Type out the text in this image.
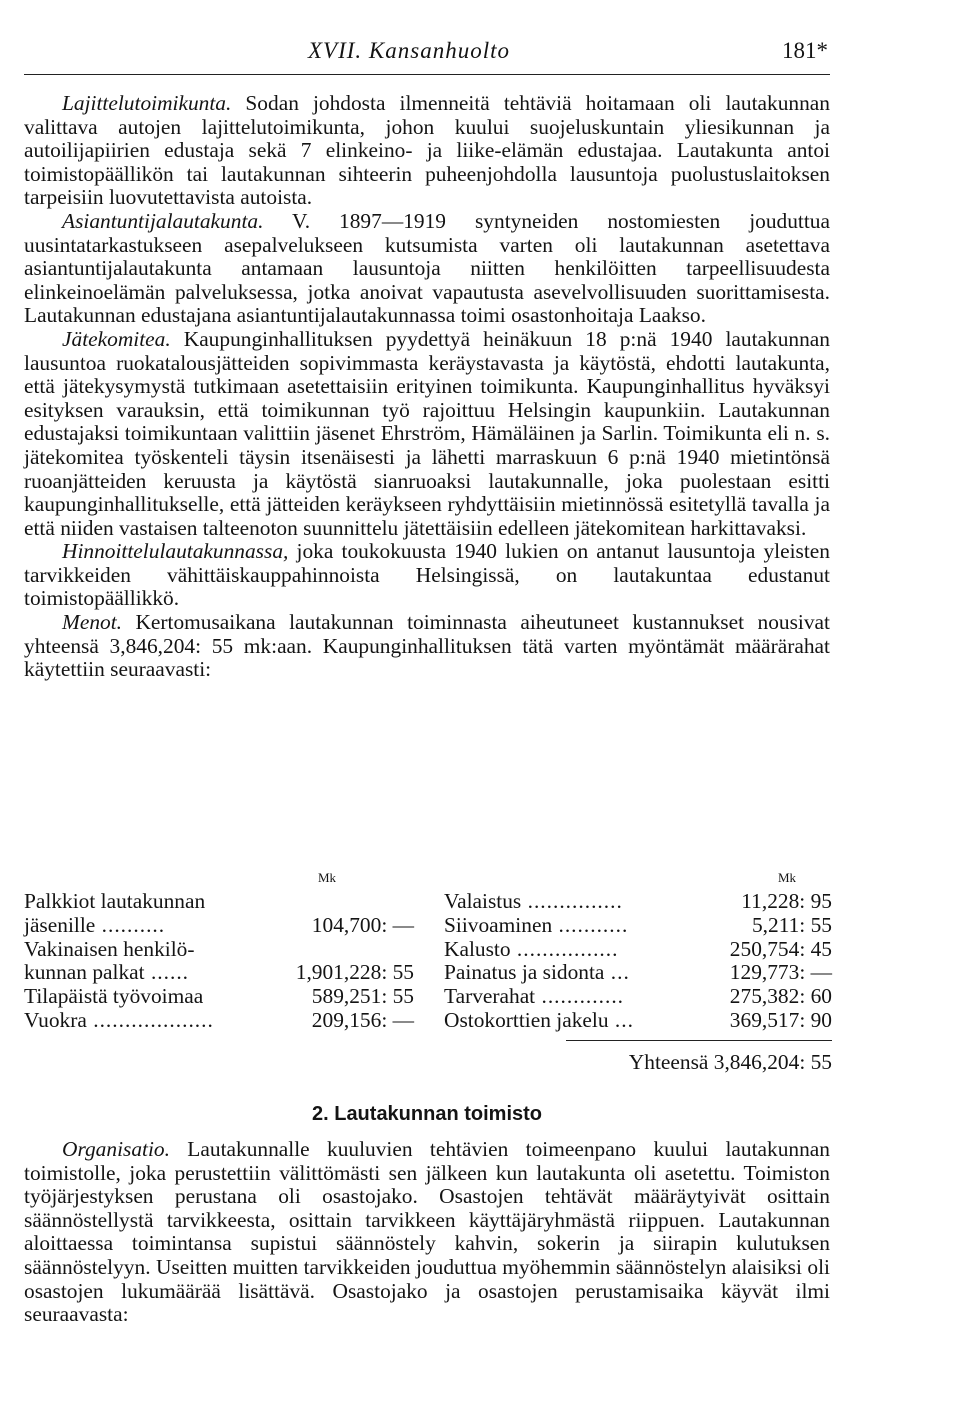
XVII. Kansanhuolto	181*

Lajittelutoimikunta. Sodan johdosta ilmenneitä tehtäviä hoitamaan oli lautakunnan valittava autojen lajittelutoimikunta, johon kuului suojeluskuntain yliesikunnan ja autoilijapiirien edustaja sekä 7 elinkeino- ja liike-elämän edustajaa. Lautakunta antoi toimistopäällikön tai lautakunnan sihteerin puheenjohdolla lausuntoja puolustuslaitoksen tarpeisiin luovutettavista autoista.

Asiantuntijalautakunta. V. 1897—1919 syntyneiden nostomiesten jouduttua uusintatarkastukseen asepalvelukseen kutsumista varten oli lautakunnan asetettava asiantuntijalautakunta antamaan lausuntoja niitten henkilöitten tarpeellisuudesta elinkeinoelämän palveluksessa, jotka anoivat vapautusta asevelvollisuuden suorittamisesta. Lautakunnan edustajana asiantuntijalautakunnassa toimi osastonhoitaja Laakso.

Jätekomitea. Kaupunginhallituksen pyydettyä heinäkuun 18 p:nä 1940 lautakunnan lausuntoa ruokatalousjätteiden sopivimmasta keräystavasta ja käytöstä, ehdotti lautakunta, että jätekysymystä tutkimaan asetettaisiin erityinen toimikunta. Kaupunginhallitus hyväksyi esityksen varauksin, että toimikunnan työ rajoittuu Helsingin kaupunkiin. Lautakunnan edustajaksi toimikuntaan valittiin jäsenet Ehrström, Hämäläinen ja Sarlin. Toimikunta eli n. s. jätekomitea työskenteli täysin itsenäisesti ja lähetti marraskuun 6 p:nä 1940 mietintönsä ruoanjätteiden keruusta ja käytöstä sianruoaksi lautakunnalle, joka puolestaan esitti kaupunginhallitukselle, että jätteiden keräykseen ryhdyttäisiin mietinnössä esitetyllä tavalla ja että niiden vastaisen talteenoton suunnittelu jätettäisiin edelleen jätekomitean harkittavaksi.

Hinnoittelulautakunnassa, joka toukokuusta 1940 lukien on antanut lausuntoja yleisten tarvikkeiden vähittäiskauppahinnoista Helsingissä, on lautakuntaa edustanut toimistopäällikkö.

Menot. Kertomusaikana lautakunnan toiminnasta aiheutuneet kustannukset nousivat yhteensä 3,846,204: 55 mk:aan. Kaupunginhallituksen tätä varten myöntämät määrärahat käytettiin seuraavasti:

Mk	Mk
Palkkiot lautakunnan
jäsenille ..........	104,700: —
Vakinaisen henkilö-
kunnan palkat ......	1,901,228: 55
Tilapäistä työvoimaa	589,251: 55
Vuokra ...................	209,156: —
Valaistus ...............	11,228: 95
Siivoaminen ...........	5,211: 55
Kalusto ................	250,754: 45
Painatus ja sidonta ...	129,773: —
Tarverahat .............	275,382: 60
Ostokorttien jakelu ...	369,517: 90
Yhteensä 3,846,204: 55
2. Lautakunnan toimisto

Organisatio. Lautakunnalle kuuluvien tehtävien toimeenpano kuului lautakunnan toimistolle, joka perustettiin välittömästi sen jälkeen kun lautakunta oli asetettu. Toimiston työjärjestyksen perustana oli osastojako. Osastojen tehtävät määräytyivät osittain säännöstellystä tarvikkeesta, osittain tarvikkeen käyttäjäryhmästä riippuen. Lautakunnan aloittaessa toimintansa supistui säännöstely kahvin, sokerin ja siirapin kulutuksen säännöstelyyn. Useitten muitten tarvikkeiden jouduttua myöhemmin säännöstelyn alaisiksi oli osastojen lukumäärää lisättävä. Osastojako ja osastojen perustamisaika käyvät ilmi seuraavasta:
